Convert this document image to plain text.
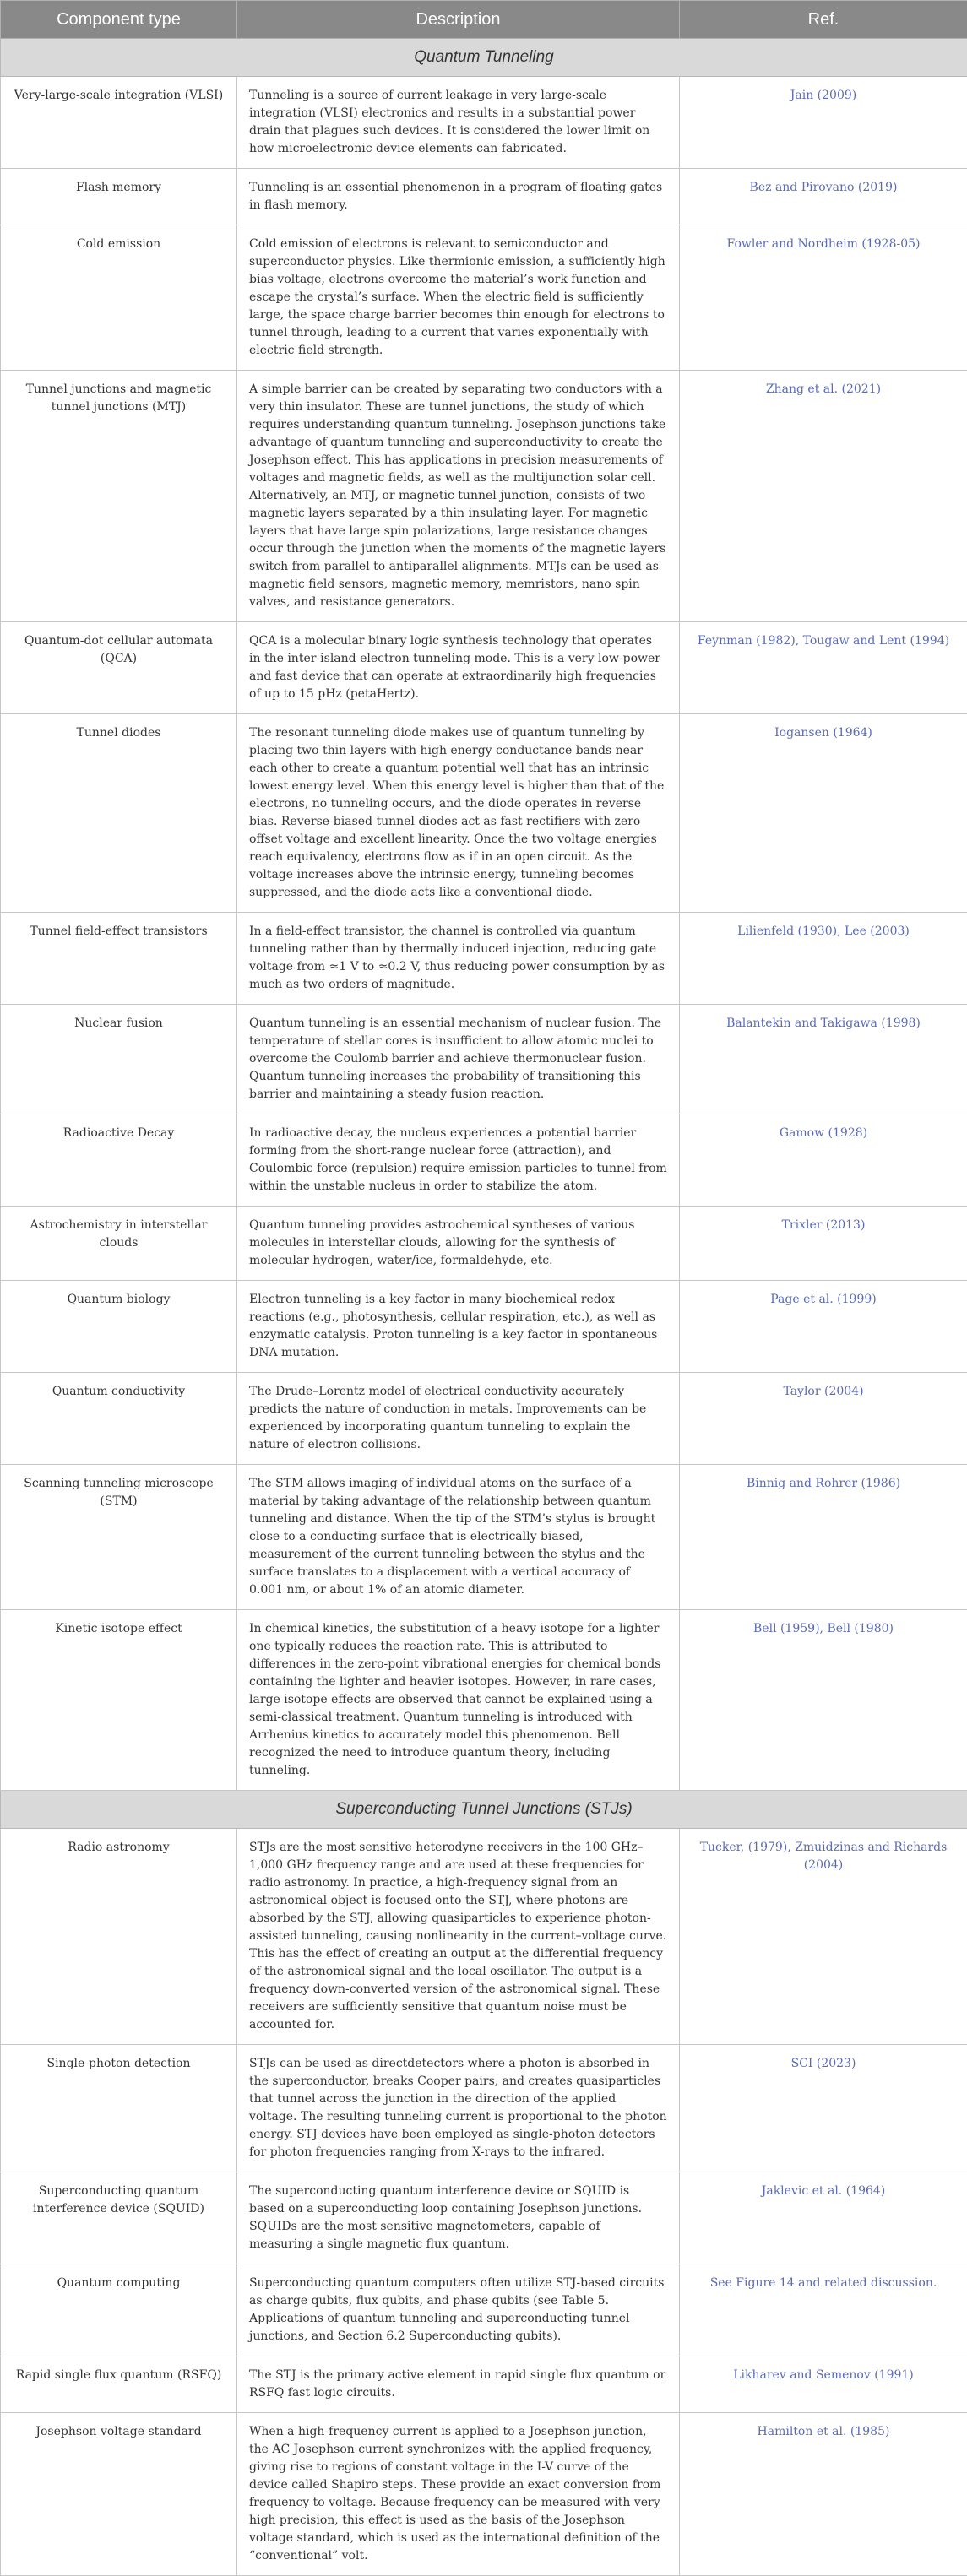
Component type	Description	Ref.
Quantum Tunneling		
Very-large-scale integration (VLSI)	Tunneling is a source of current leakage in very large-scale integration (VLSI) electronics and results in a substantial power drain that plagues such devices. It is considered the lower limit on how microelectronic device elements can fabricated.	Jain (2009)
Flash memory	Tunneling is an essential phenomenon in a program of floating gates in flash memory.	Bez and Pirovano (2019)
Cold emission	Cold emission of electrons is relevant to semiconductor and superconductor physics. Like thermionic emission, a sufficiently high bias voltage, electrons overcome the material’s work function and escape the crystal’s surface. When the electric field is sufficiently large, the space charge barrier becomes thin enough for electrons to tunnel through, leading to a current that varies exponentially with electric field strength.	Fowler and Nordheim (1928-05)
Tunnel junctions and magnetic tunnel junctions (MTJ)	A simple barrier can be created by separating two conductors with a very thin insulator. These are tunnel junctions, the study of which requires understanding quantum tunneling. Josephson junctions take advantage of quantum tunneling and superconductivity to create the Josephson effect. This has applications in precision measurements of voltages and magnetic fields, as well as the multijunction solar cell. Alternatively, an MTJ, or magnetic tunnel junction, consists of two magnetic layers separated by a thin insulating layer. For magnetic layers that have large spin polarizations, large resistance changes occur through the junction when the moments of the magnetic layers switch from parallel to antiparallel alignments. MTJs can be used as magnetic field sensors, magnetic memory, memristors, nano spin valves, and resistance generators.	Zhang et al. (2021)
Quantum-dot cellular automata (QCA)	QCA is a molecular binary logic synthesis technology that operates in the inter-island electron tunneling mode. This is a very low-power and fast device that can operate at extraordinarily high frequencies of up to 15 pHz (petaHertz).	Feynman (1982), Tougaw and Lent (1994)
Tunnel diodes	The resonant tunneling diode makes use of quantum tunneling by placing two thin layers with high energy conductance bands near each other to create a quantum potential well that has an intrinsic lowest energy level. When this energy level is higher than that of the electrons, no tunneling occurs, and the diode operates in reverse bias. Reverse-biased tunnel diodes act as fast rectifiers with zero offset voltage and excellent linearity. Once the two voltage energies reach equivalency, electrons flow as if in an open circuit. As the voltage increases above the intrinsic energy, tunneling becomes suppressed, and the diode acts like a conventional diode.	Iogansen (1964)
Tunnel field-effect transistors	In a field-effect transistor, the channel is controlled via quantum tunneling rather than by thermally induced injection, reducing gate voltage from ≈1 V to ≈0.2 V, thus reducing power consumption by as much as two orders of magnitude.	Lilienfeld (1930), Lee (2003)
Nuclear fusion	Quantum tunneling is an essential mechanism of nuclear fusion. The temperature of stellar cores is insufficient to allow atomic nuclei to overcome the Coulomb barrier and achieve thermonuclear fusion. Quantum tunneling increases the probability of transitioning this barrier and maintaining a steady fusion reaction.	Balantekin and Takigawa (1998)
Radioactive Decay	In radioactive decay, the nucleus experiences a potential barrier forming from the short-range nuclear force (attraction), and Coulombic force (repulsion) require emission particles to tunnel from within the unstable nucleus in order to stabilize the atom.	Gamow (1928)
Astrochemistry in interstellar clouds	Quantum tunneling provides astrochemical syntheses of various molecules in interstellar clouds, allowing for the synthesis of molecular hydrogen, water/ice, formaldehyde, etc.	Trixler (2013)
Quantum biology	Electron tunneling is a key factor in many biochemical redox reactions (e.g., photosynthesis, cellular respiration, etc.), as well as enzymatic catalysis. Proton tunneling is a key factor in spontaneous DNA mutation.	Page et al. (1999)
Quantum conductivity	The Drude–Lorentz model of electrical conductivity accurately predicts the nature of conduction in metals. Improvements can be experienced by incorporating quantum tunneling to explain the nature of electron collisions.	Taylor (2004)
Scanning tunneling microscope (STM)	The STM allows imaging of individual atoms on the surface of a material by taking advantage of the relationship between quantum tunneling and distance. When the tip of the STM’s stylus is brought close to a conducting surface that is electrically biased, measurement of the current tunneling between the stylus and the surface translates to a displacement with a vertical accuracy of 0.001 nm, or about 1% of an atomic diameter.	Binnig and Rohrer (1986)
Kinetic isotope effect	In chemical kinetics, the substitution of a heavy isotope for a lighter one typically reduces the reaction rate. This is attributed to differences in the zero-point vibrational energies for chemical bonds containing the lighter and heavier isotopes. However, in rare cases, large isotope effects are observed that cannot be explained using a semi-classical treatment. Quantum tunneling is introduced with Arrhenius kinetics to accurately model this phenomenon. Bell recognized the need to introduce quantum theory, including tunneling.	Bell (1959), Bell (1980)
Superconducting Tunnel Junctions (STJs)		
Radio astronomy	STJs are the most sensitive heterodyne receivers in the 100 GHz–1,000 GHz frequency range and are used at these frequencies for radio astronomy. In practice, a high-frequency signal from an astronomical object is focused onto the STJ, where photons are absorbed by the STJ, allowing quasiparticles to experience photon-assisted tunneling, causing nonlinearity in the current–voltage curve. This has the effect of creating an output at the differential frequency of the astronomical signal and the local oscillator. The output is a frequency down-converted version of the astronomical signal. These receivers are sufficiently sensitive that quantum noise must be accounted for.	Tucker, (1979), Zmuidzinas and Richards (2004)
Single-photon detection	STJs can be used as directdetectors where a photon is absorbed in the superconductor, breaks Cooper pairs, and creates quasiparticles that tunnel across the junction in the direction of the applied voltage. The resulting tunneling current is proportional to the photon energy. STJ devices have been employed as single-photon detectors for photon frequencies ranging from X-rays to the infrared.	SCI (2023)
Superconducting quantum interference device (SQUID)	The superconducting quantum interference device or SQUID is based on a superconducting loop containing Josephson junctions. SQUIDs are the most sensitive magnetometers, capable of measuring a single magnetic flux quantum.	Jaklevic et al. (1964)
Quantum computing	Superconducting quantum computers often utilize STJ-based circuits as charge qubits, flux qubits, and phase qubits (see Table 5. Applications of quantum tunneling and superconducting tunnel junctions, and Section 6.2 Superconducting qubits).	See Figure 14 and related discussion.
Rapid single flux quantum (RSFQ)	The STJ is the primary active element in rapid single flux quantum or RSFQ fast logic circuits.	Likharev and Semenov (1991)
Josephson voltage standard	When a high-frequency current is applied to a Josephson junction, the AC Josephson current synchronizes with the applied frequency, giving rise to regions of constant voltage in the I-V curve of the device called Shapiro steps. These provide an exact conversion from frequency to voltage. Because frequency can be measured with very high precision, this effect is used as the basis of the Josephson voltage standard, which is used as the international definition of the “conventional” volt.	Hamilton et al. (1985)
